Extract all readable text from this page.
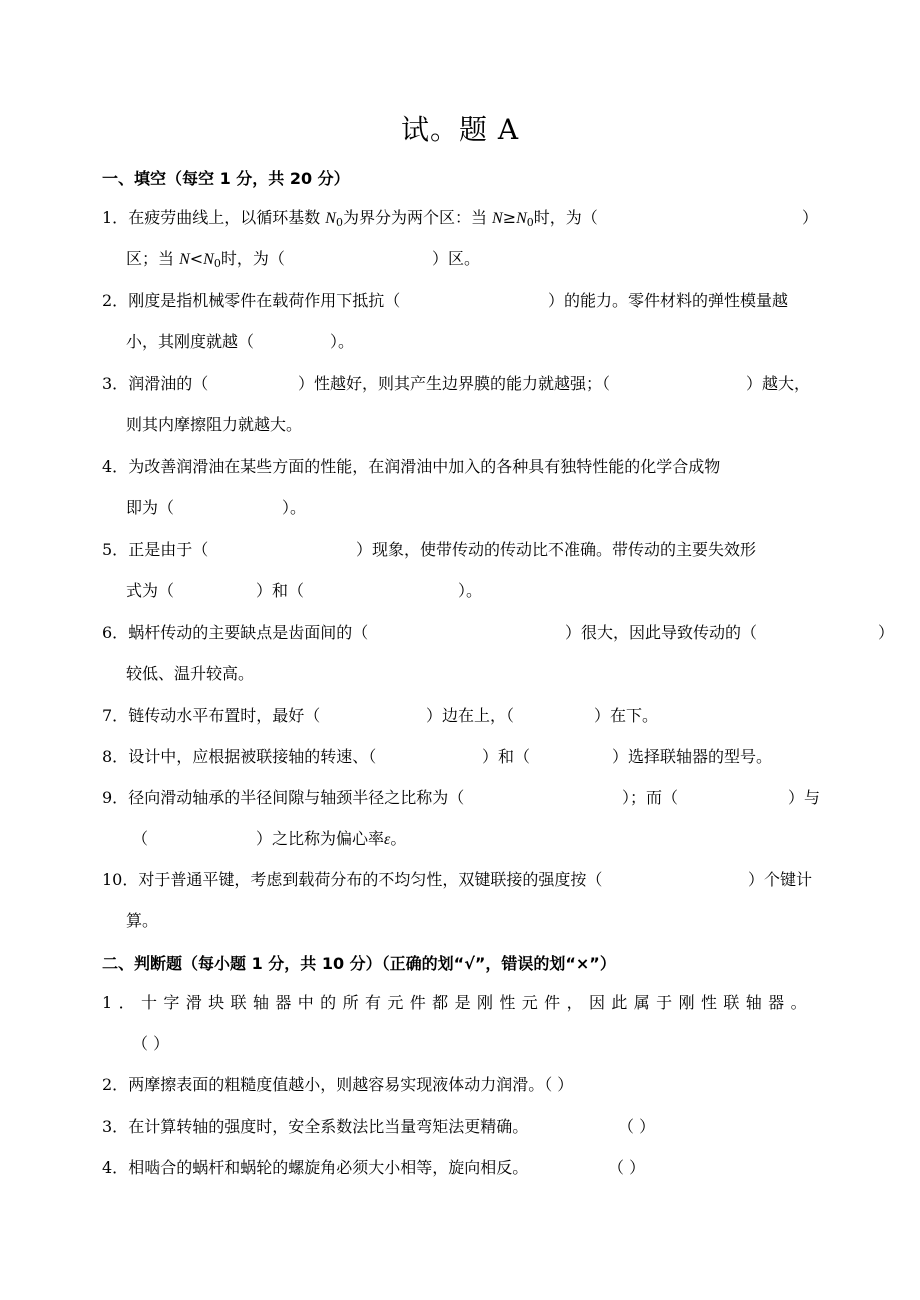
试。题 A
一、填空（每空 1 分，共 20 分）
1．在疲劳曲线上，以循环基数 $N_0$为界分为两个区：当 $N\ge N_0$时，为（	）
区；当 $N<N_0$时，为（	）区。
2．刚度是指机械零件在载荷作用下抵抗（	）的能力。零件材料的弹性模量越
小，其刚度就越（	）。
3．润滑油的（	）性越好，则其产生边界膜的能力就越强；（	）越大，
则其内摩擦阻力就越大。
4．为改善润滑油在某些方面的性能，在润滑油中加入的各种具有独特性能的化学合成物
即为（	）。
5．正是由于（	）现象，使带传动的传动比不准确。带传动的主要失效形
式为（	）和（	）。
6．蜗杆传动的主要缺点是齿面间的（	）很大，因此导致传动的（	）
较低、温升较高。
7．链传动水平布置时，最好（	）边在上，（	）在下。
8．设计中，应根据被联接轴的转速、（	）和（	）选择联轴器的型号。
9．径向滑动轴承的半径间隙与轴颈半径之比称为（	）；而（	）与
（	）之比称为偏心率ε。
10．对于普通平键，考虑到载荷分布的不均匀性，双键联接的强度按（	）个键计
算。
二、判断题（每小题 1 分，共 10 分）（正确的划“√”，错误的划“×”）
1．十字滑块联轴器中的所有元件都是刚性元件，因此属于刚性联轴器。
（ ）
2．两摩擦表面的粗糙度值越小，则越容易实现液体动力润滑。（ ）
3．在计算转轴的强度时，安全系数法比当量弯矩法更精确。	（ ）
4．相啮合的蜗杆和蜗轮的螺旋角必须大小相等，旋向相反。	（ ）
